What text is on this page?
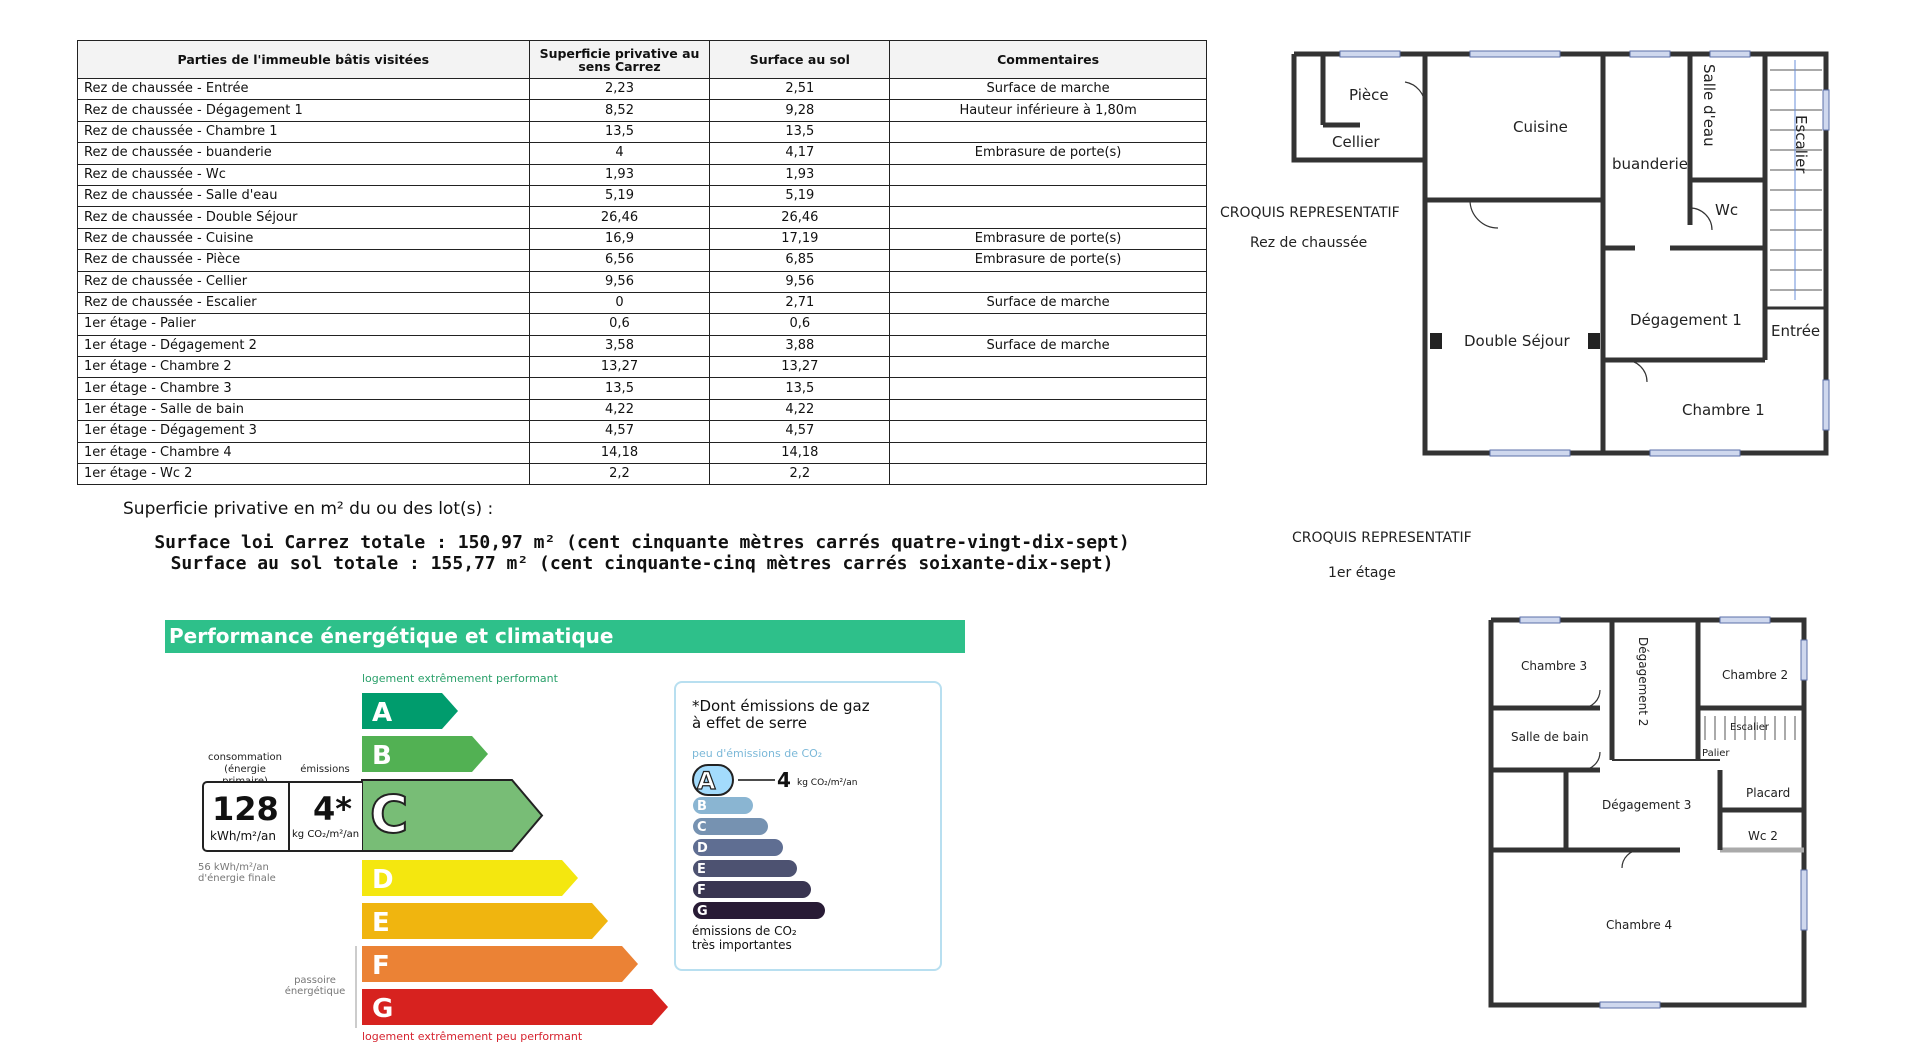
Parties de l'immeuble bâtis visitées	Superficie privative au sens Carrez	Surface au sol	Commentaires
Rez de chaussée - Entrée	2,23	2,51	Surface de marche
Rez de chaussée - Dégagement 1	8,52	9,28	Hauteur inférieure à 1,80m
Rez de chaussée - Chambre 1	13,5	13,5	
Rez de chaussée - buanderie	4	4,17	Embrasure de porte(s)
Rez de chaussée - Wc	1,93	1,93	
Rez de chaussée - Salle d'eau	5,19	5,19	
Rez de chaussée - Double Séjour	26,46	26,46	
Rez de chaussée - Cuisine	16,9	17,19	Embrasure de porte(s)
Rez de chaussée - Pièce	6,56	6,85	Embrasure de porte(s)
Rez de chaussée - Cellier	9,56	9,56	
Rez de chaussée - Escalier	0	2,71	Surface de marche
1er étage - Palier	0,6	0,6	
1er étage - Dégagement 2	3,58	3,88	Surface de marche
1er étage - Chambre 2	13,27	13,27	
1er étage - Chambre 3	13,5	13,5	
1er étage - Salle de bain	4,22	4,22	
1er étage - Dégagement 3	4,57	4,57	
1er étage - Chambre 4	14,18	14,18	
1er étage - Wc 2	2,2	2,2	
Superficie privative en m² du ou des lot(s) :
Surface loi Carrez totale : 150,97 m² (cent cinquante mètres carrés quatre-vingt-dix-sept)
Surface au sol totale : 155,77 m² (cent cinquante-cinq mètres carrés soixante-dix-sept)
Performance énergétique et climatique
logement extrêmement performant
logement extrêmement peu performant
A
B
C
D
E
F
G
A
B
C
D
E
F
G
consommation
(énergie	émissions
128
kWh/m²/an
4*
kg CO₂/m²/an
56 kWh/m²/an
d'énergie finale
passoire
énergétique
*Dont émissions de gaz
à effet de serre
peu d'émissions de CO₂
4 kg CO₂/m²/an
émissions de CO₂
très importantes
CROQUIS REPRESENTATIF
Rez de chaussée
CROQUIS REPRESENTATIF
1er étage
Pièce
Cellier
Cuisine
buanderie
Salle d'eau	Escalier
Wc
Dégagement 1
Double Séjour
Entrée
Chambre 1
Chambre 3	Dégagement 2	Chambre 2
Salle de bain
Escalier
Palier
Dégagement 3
Placard
Wc 2
Chambre 4
